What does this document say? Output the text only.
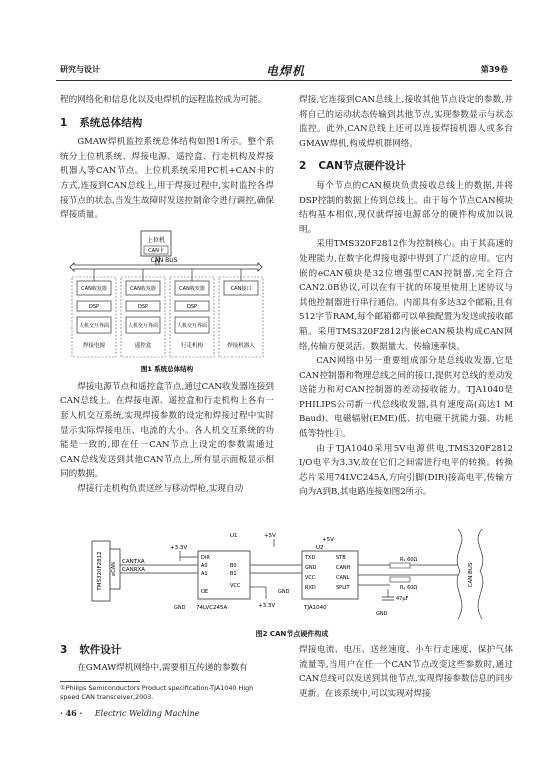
研究与设计	电焊机	第39卷

程的网络化和信息化以及电焊机的远程监控成为可能。

1 系统总体结构

GMAW焊机监控系统总体结构如图1所示。整个系统分上位机系统、焊接电源、遥控盒、行走机构及焊接机器人等CAN节点。上位机系统采用PC机+CAN卡的方式,连接到CAN总线上,用于焊接过程中,实时监控各焊接节点的状态,当发生故障时发送控制命令进行调控,确保焊接质量。

焊接电源节点和遥控盒节点,通过CAN收发器连接到CAN总线上。在焊接电源、遥控盒和行走机构上各有一套人机交互系统,实现焊接参数的设定和焊接过程中实时显示实际焊接电压、电流的大小。各人机交互系统的功能是一致的,即在任一CAN节点上设定的参数需通过CAN总线发送到其他CAN节点上,所有显示面板显示相同的数据。

焊接行走机构负责送丝与移动焊枪,实现自动

上位机
CAN卡
CAN BUS
CAN收发器
DSP
人机交互界面
焊接电源
CAN收发器
DSP
人机交互界面
遥控盒
CAN收发器
DSP
人机交互界面
行走机构
CAN接口
焊接机器人
图1 系统总体结构

焊接,它连接到CAN总线上,接收其他节点设定的参数,并将自己的运动状态传输到其他节点,实现参数显示与状态监控。此外,CAN总线上还可以连接焊接机器人或多台GMAW焊机,构成焊机群网络。

2 CAN节点硬件设计

每个节点的CAN模块负责接收总线上的数据,并将DSP控制的数据上传到总线上。由于每个节点CAN模块结构基本相似,现仅就焊接电源部分的硬件构成加以说明。

采用TMS320F2812作为控制核心。由于其高速的处理能力,在数字化焊接电源中得到了广泛的应用。它内嵌的eCAN模块是32位增强型CAN控制器,完全符合CAN2.0B协议,可以在有干扰的环境里使用上述协议与其他控制器进行串行通信。内部具有多达32个邮箱,且有512字节RAM,每个邮箱都可以单独配置为发送或接收邮箱。采用TMS320F2812内嵌eCAN模块构成CAN网络,传输方便灵活、数据量大、传输速率快。

CAN网络中另一重要组成部分是总线收发器,它是CAN控制器和物理总线之间的接口,提供对总线的差动发送能力和对CAN控制器的差动接收能力。TJA1040是PHILIPS公司新一代总线收发器,具有速度高(高达1 M Baud)、电磁辐射(EME)低、抗电磁干扰能力强、功耗低等特性①。

由于TJA1040采用5V电源供电,TMS320F2812 I/O电平为3.3V,故在它们之间需进行电平的转换。转换芯片采用74LVC245A,方向引脚(DIR)接高电平,传输方向为A到B,其电路连接如图2所示。

TMS320F2812 eCAN
CANTXA
CANRXA
U1
+3.3V
DIR
A0
A1
B0
B1
VCC
OE
74LVC245A
GND	+3.3V
+5V
+5V
U2
TXD
GND
VCC
RXD
STB
CANH
CANL
SPLIT
TJA1040
GND
R₁ 60Ω
R₁ 60Ω
47μF
GND
CAN BUS
图2 CAN节点硬件构成
3 软件设计

在GMAW焊机网络中,需要相互传递的参数有

焊接电流、电压、送丝速度、小车行走速度、保护气体流量等,当用户在任一个CAN节点改变这些参数时,通过CAN总线可以发送到其他节点,实现焊接参数信息的同步更新。在该系统中,可以实现对焊接
①Philips Semiconductors Product specification-TJA1040 High speed CAN transceiver,2003.
· 46 · Electric Welding Machine
